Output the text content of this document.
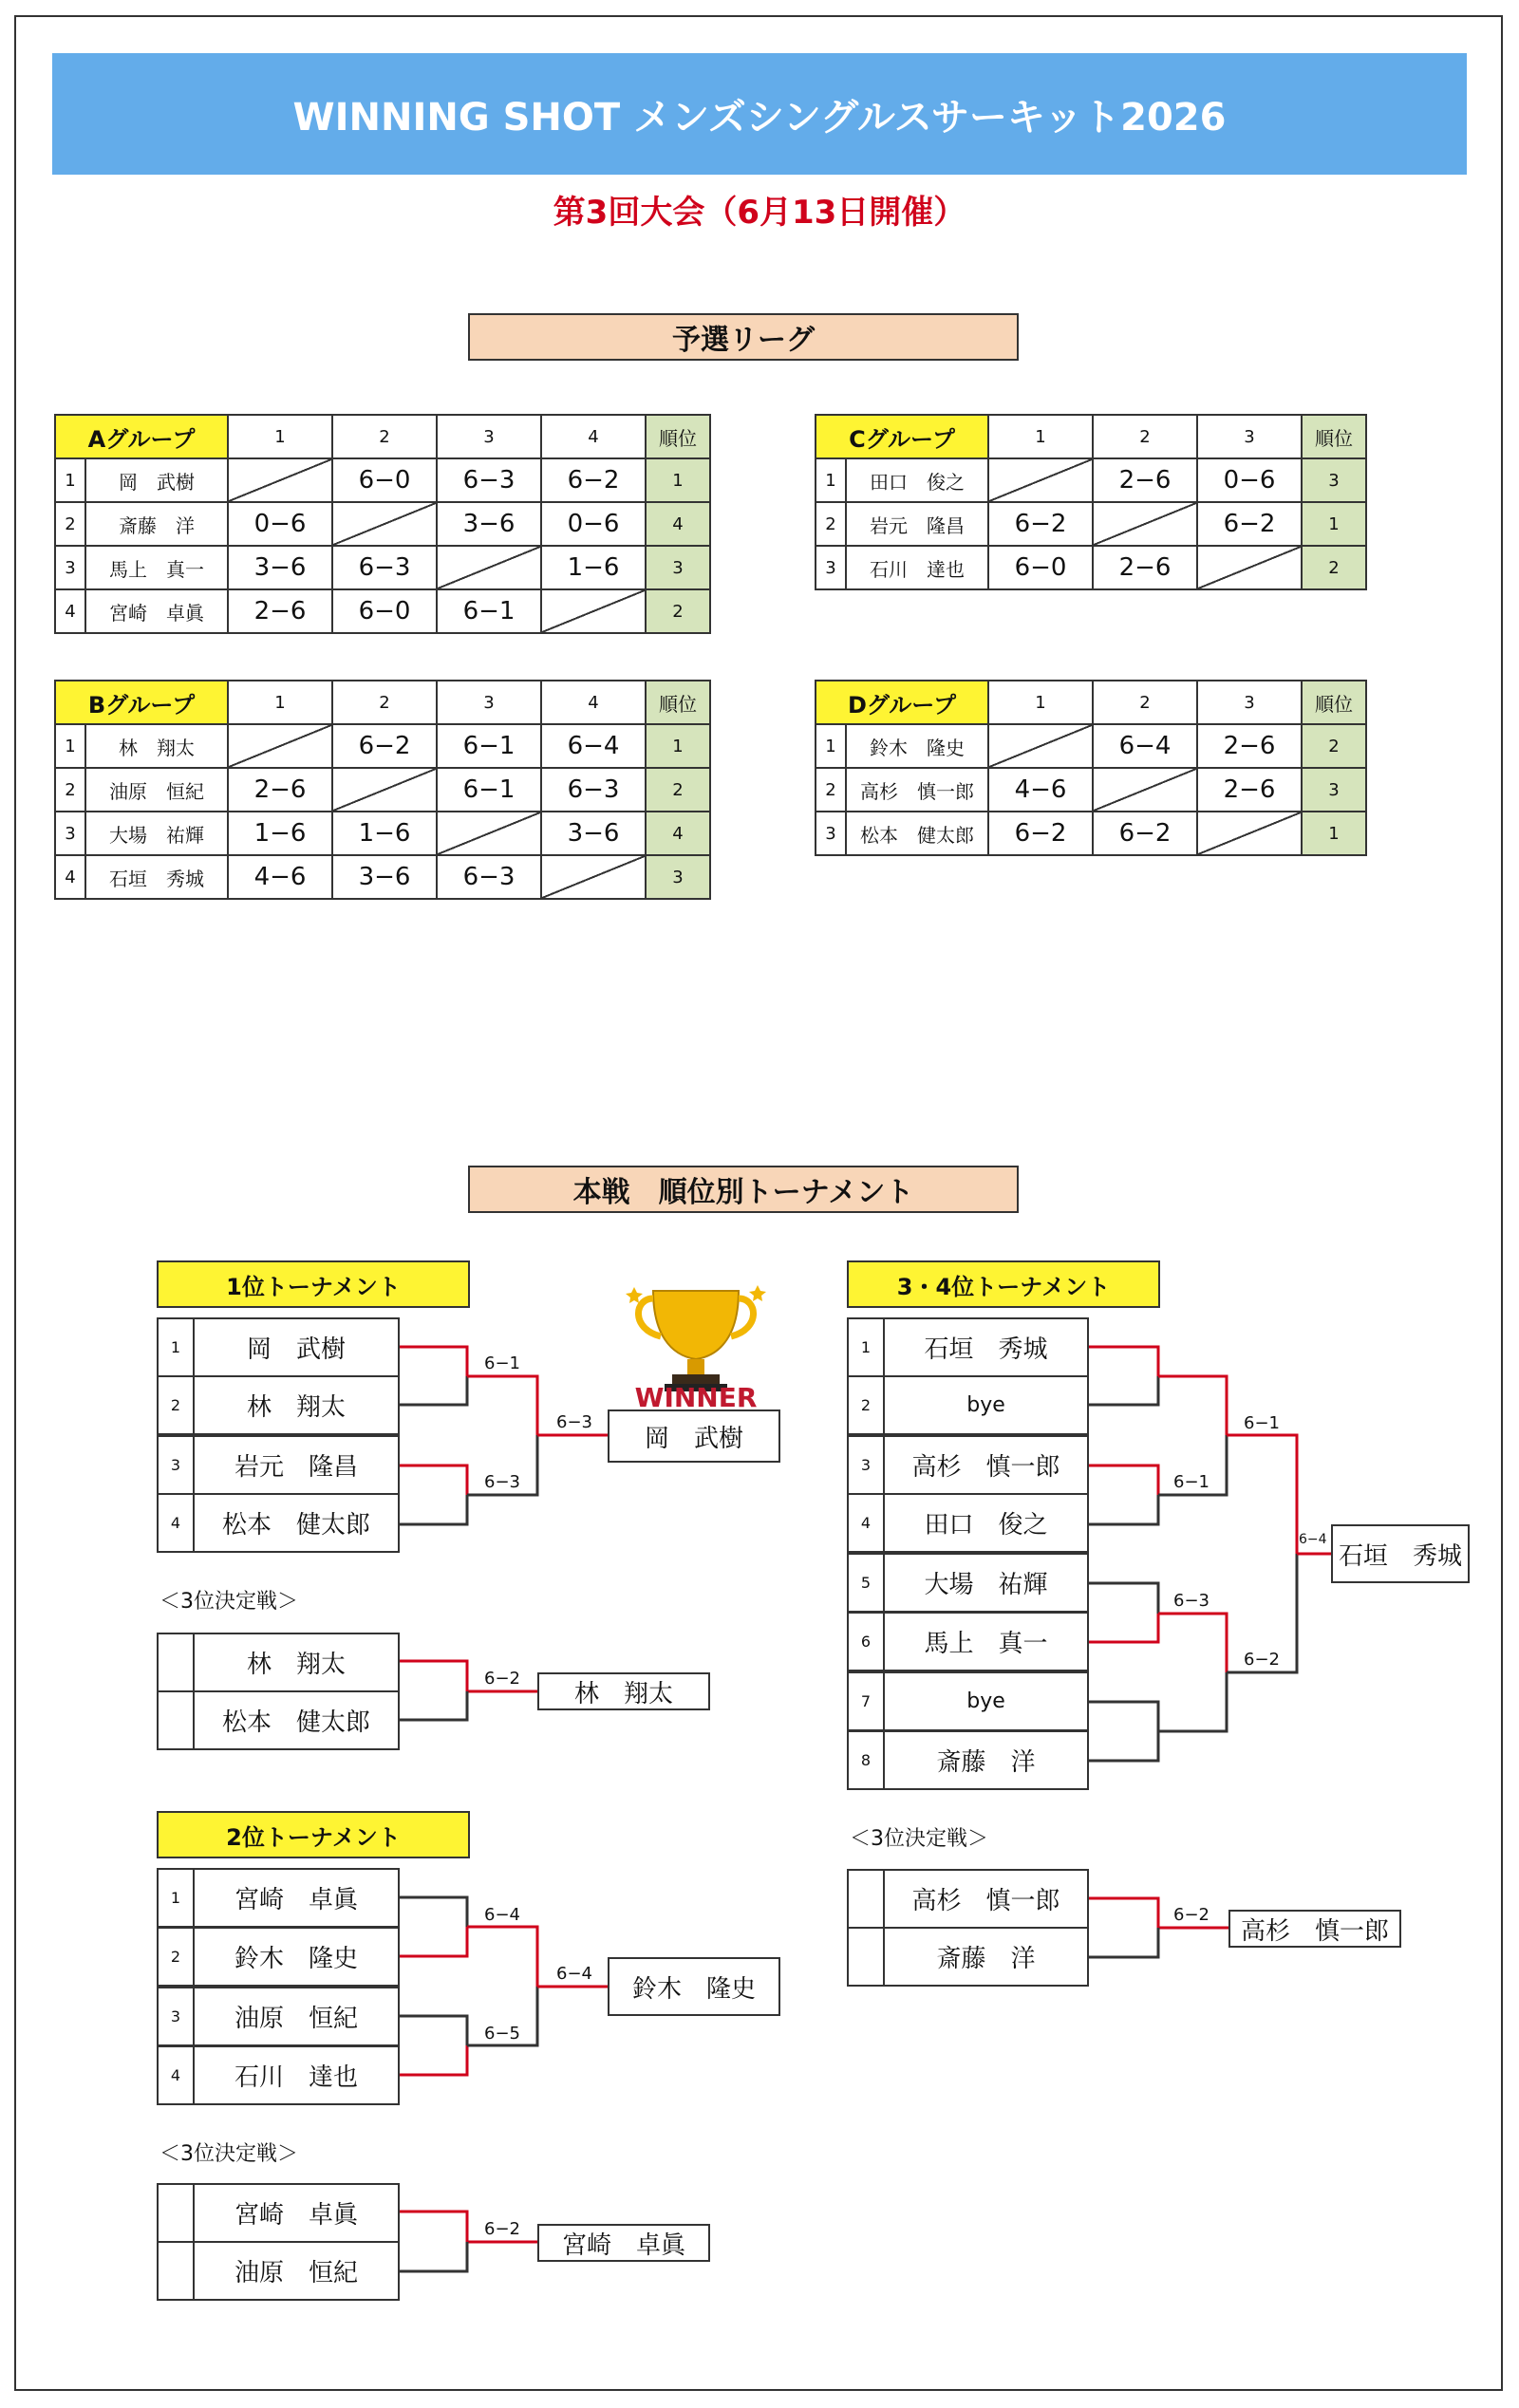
WINNING SHOT メンズシングルスサーキット2026
第3回大会（6月13日開催）
予選リーグ
Aグループ		1	2	3	4	順位
1	岡　武樹		6−0	6−3	6−2	1
2	斎藤　洋	0−6		3−6	0−6	4
3	馬上　真一	3−6	6−3		1−6	3
4	宮崎　卓眞	2−6	6−0	6−1		2
Cグループ		1	2	3	順位
1	田口　俊之		2−6	0−6	3
2	岩元　隆昌	6−2		6−2	1
3	石川　達也	6−0	2−6		2
Bグループ		1	2	3	4	順位
1	林　翔太		6−2	6−1	6−4	1
2	油原　恒紀	2−6		6−1	6−3	2
3	大場　祐輝	1−6	1−6		3−6	4
4	石垣　秀城	4−6	3−6	6−3		3
Dグループ		1	2	3	順位
1	鈴木　隆史		6−4	2−6	2
2	高杉　慎一郎	4−6		2−6	3
3	松本　健太郎	6−2	6−2		1
本戦　順位別トーナメント
1位トーナメント
1	岡　武樹
2	林　翔太
3	岩元　隆昌
4	松本　健太郎
6−1
6−3
6−3
岡　武樹
WINNER
＜3位決定戦＞
林　翔太
松本　健太郎
6−2
林　翔太
2位トーナメント
1	宮崎　卓眞
2	鈴木　隆史
3	油原　恒紀
4	石川　達也
6−4
6−5
6−4
鈴木　隆史
＜3位決定戦＞
宮崎　卓眞
油原　恒紀
6−2
宮崎　卓眞
3・4位トーナメント
1	石垣　秀城
2	bye
3	高杉　慎一郎
4	田口　俊之
5	大場　祐輝
6	馬上　真一
7	bye
8	斎藤　洋
6−1
6−3
6−1
6−2
6−4
石垣　秀城
＜3位決定戦＞
高杉　慎一郎
斎藤　洋
6−2
高杉　慎一郎
